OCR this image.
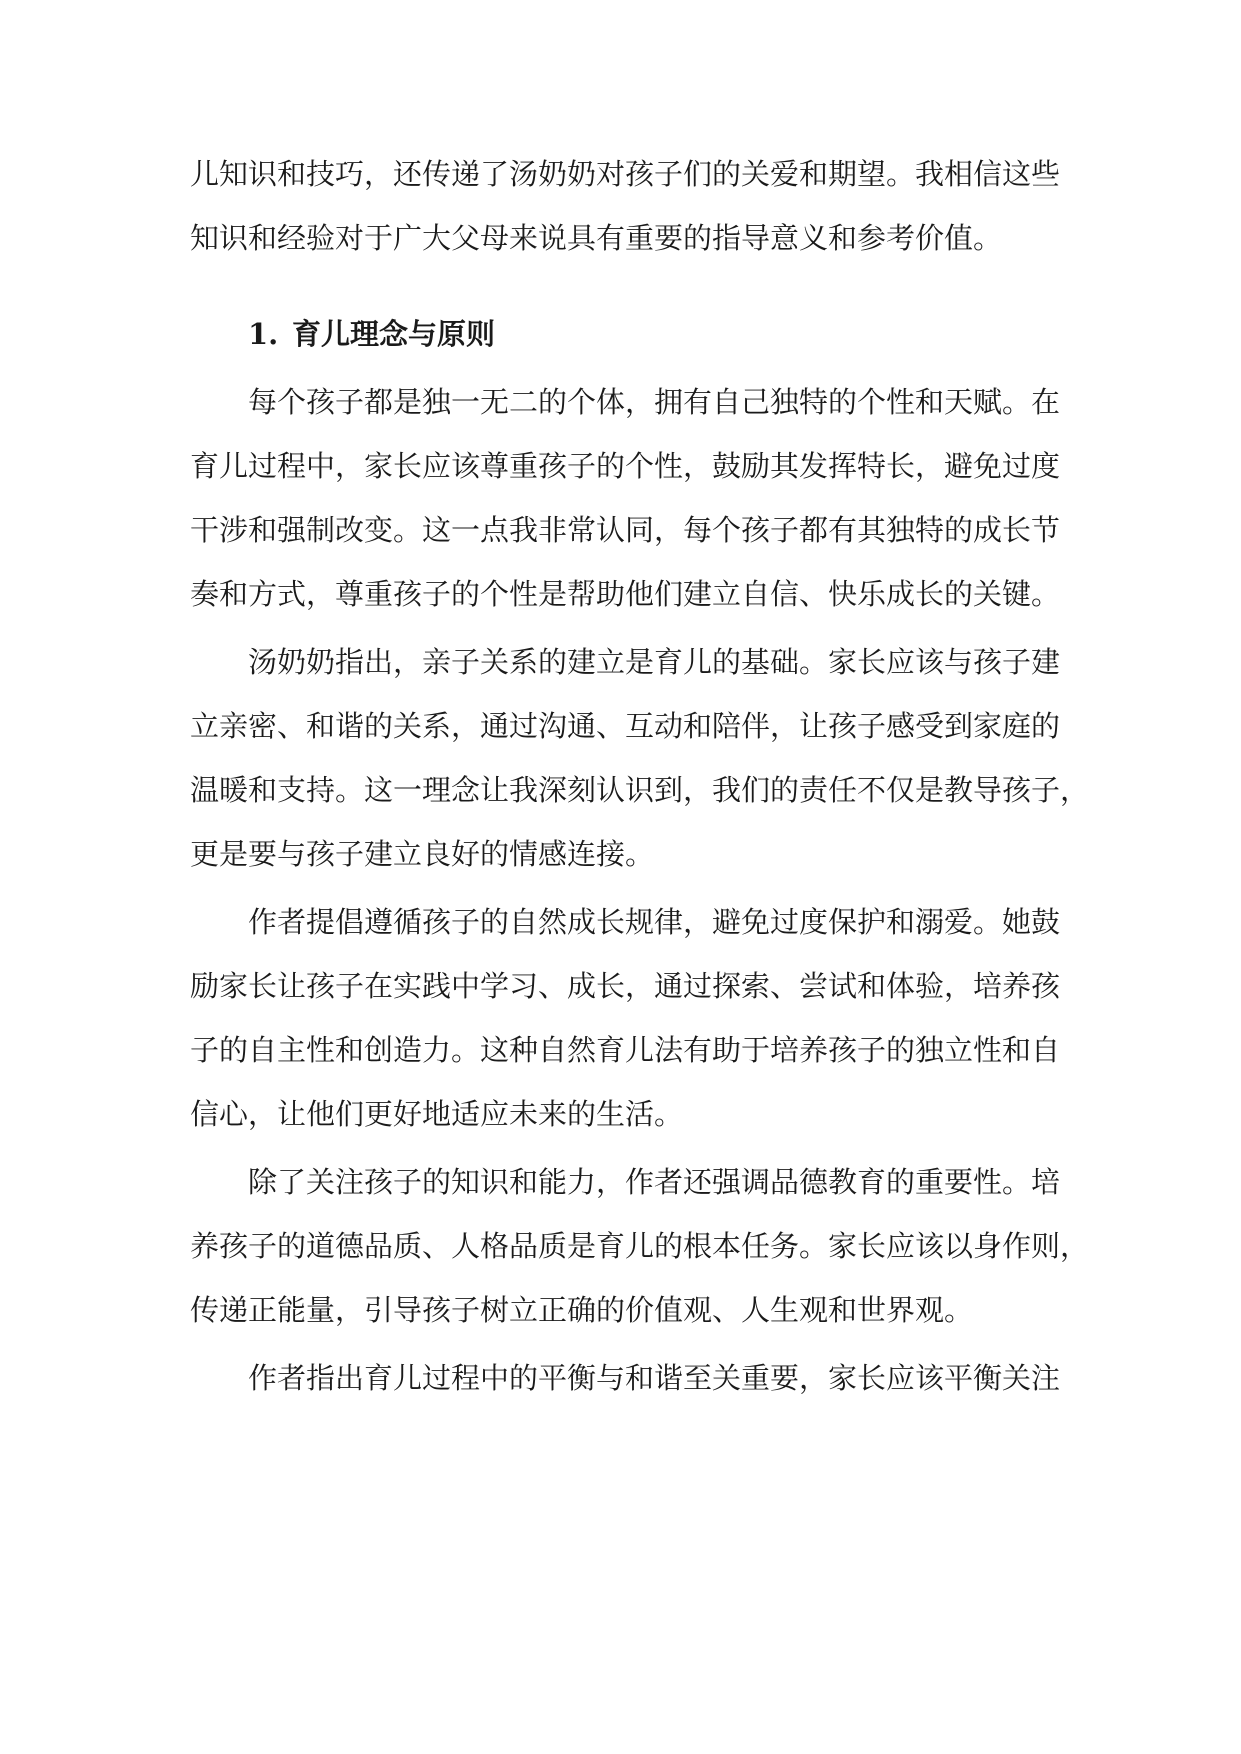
儿知识和技巧，还传递了汤奶奶对孩子们的关爱和期望。我相信这些
知识和经验对于广大父母来说具有重要的指导意义和参考价值。
1. 育儿理念与原则
每个孩子都是独一无二的个体，拥有自己独特的个性和天赋。在
育儿过程中，家长应该尊重孩子的个性，鼓励其发挥特长，避免过度
干涉和强制改变。这一点我非常认同，每个孩子都有其独特的成长节
奏和方式，尊重孩子的个性是帮助他们建立自信、快乐成长的关键。
汤奶奶指出，亲子关系的建立是育儿的基础。家长应该与孩子建
立亲密、和谐的关系，通过沟通、互动和陪伴，让孩子感受到家庭的
温暖和支持。这一理念让我深刻认识到，我们的责任不仅是教导孩子，
更是要与孩子建立良好的情感连接。
作者提倡遵循孩子的自然成长规律，避免过度保护和溺爱。她鼓
励家长让孩子在实践中学习、成长，通过探索、尝试和体验，培养孩
子的自主性和创造力。这种自然育儿法有助于培养孩子的独立性和自
信心，让他们更好地适应未来的生活。
除了关注孩子的知识和能力，作者还强调品德教育的重要性。培
养孩子的道德品质、人格品质是育儿的根本任务。家长应该以身作则，
传递正能量，引导孩子树立正确的价值观、人生观和世界观。
作者指出育儿过程中的平衡与和谐至关重要，家长应该平衡关注
